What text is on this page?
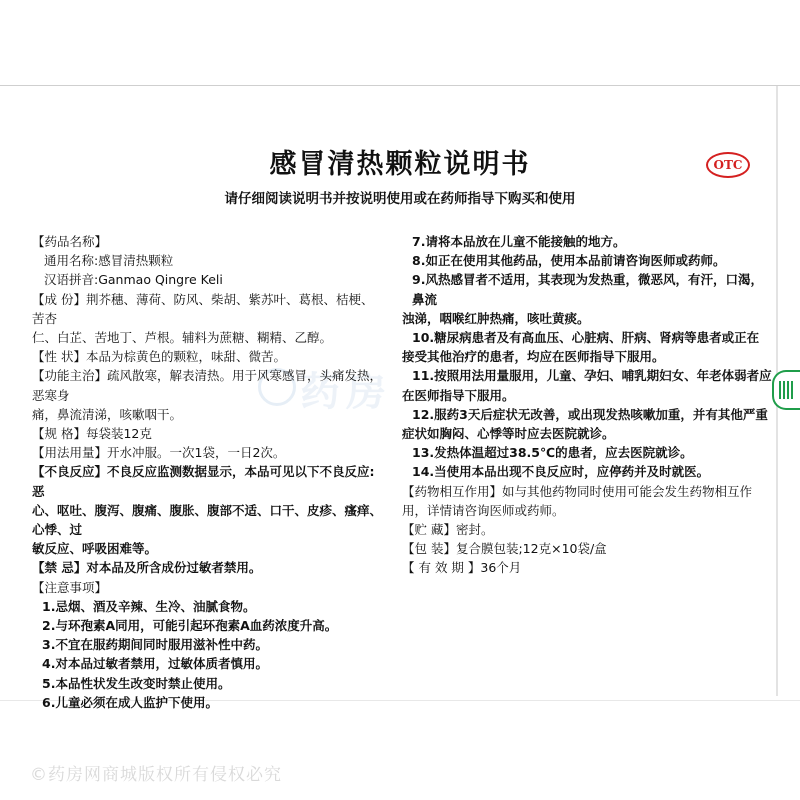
药房
感冒清热颗粒说明书	OTC
请仔细阅读说明书并按说明使用或在药师指导下购买和使用

【药品名称】

通用名称:感冒清热颗粒

汉语拼音:Ganmao Qingre Keli

【成 份】荆芥穗、薄荷、防风、柴胡、紫苏叶、葛根、桔梗、苦杏

仁、白芷、苦地丁、芦根。辅料为蔗糖、糊精、乙醇。

【性 状】本品为棕黄色的颗粒，味甜、微苦。

【功能主治】疏风散寒，解表清热。用于风寒感冒，头痛发热，恶寒身

痛，鼻流清涕，咳嗽咽干。

【规 格】每袋装12克

【用法用量】开水冲服。一次1袋，一日2次。

【不良反应】不良反应监测数据显示，本品可见以下不良反应:恶

心、呕吐、腹泻、腹痛、腹胀、腹部不适、口干、皮疹、瘙痒、心悸、过

敏反应、呼吸困难等。

【禁 忌】对本品及所含成份过敏者禁用。

【注意事项】

1.忌烟、酒及辛辣、生冷、油腻食物。

2.与环孢素A同用，可能引起环孢素A血药浓度升高。

3.不宜在服药期间同时服用滋补性中药。

4.对本品过敏者禁用，过敏体质者慎用。

5.本品性状发生改变时禁止使用。

6.儿童必须在成人监护下使用。

7.请将本品放在儿童不能接触的地方。

8.如正在使用其他药品，使用本品前请咨询医师或药师。

9.风热感冒者不适用，其表现为发热重，微恶风，有汗，口渴，鼻流

浊涕，咽喉红肿热痛，咳吐黄痰。

10.糖尿病患者及有高血压、心脏病、肝病、肾病等患者或正在

接受其他治疗的患者，均应在医师指导下服用。

11.按照用法用量服用，儿童、孕妇、哺乳期妇女、年老体弱者应

在医师指导下服用。

12.服药3天后症状无改善，或出现发热咳嗽加重，并有其他严重

症状如胸闷、心悸等时应去医院就诊。

13.发热体温超过38.5℃的患者，应去医院就诊。

14.当使用本品出现不良反应时，应停药并及时就医。

【药物相互作用】如与其他药物同时使用可能会发生药物相互作

用，详情请咨询医师或药师。

【贮 藏】密封。

【包 装】复合膜包装;12克×10袋/盒

【 有 效 期 】36个月

©药房网商城版权所有侵权必究
